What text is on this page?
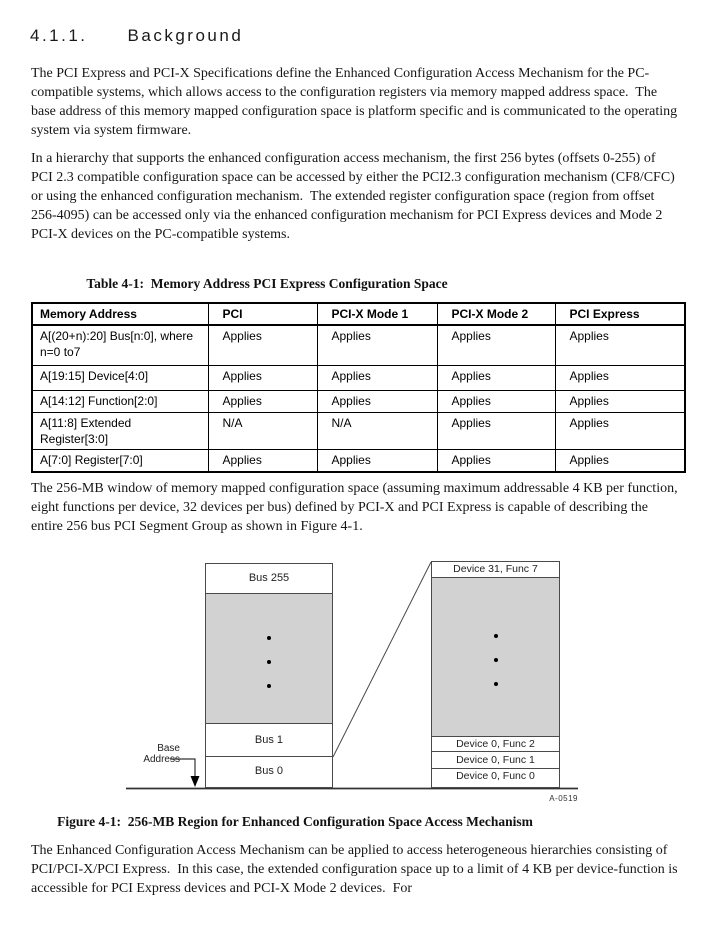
4.1.1. Background
The PCI Express and PCI-X Specifications define the Enhanced Configuration Access Mechanism for the PC-compatible systems, which allows access to the configuration registers via memory mapped address space.  The base address of this memory mapped configuration space is platform specific and is communicated to the operating system via system firmware.
In a hierarchy that supports the enhanced configuration access mechanism, the first 256 bytes (offsets 0-255) of PCI 2.3 compatible configuration space can be accessed by either the PCI2.3 configuration mechanism (CF8/CFC) or using the enhanced configuration mechanism.  The extended register configuration space (region from offset 256-4095) can be accessed only via the enhanced configuration mechanism for PCI Express devices and Mode 2 PCI-X devices on the PC-compatible systems.
Table 4-1:  Memory Address PCI Express Configuration Space
Memory Address	PCI	PCI-X Mode 1	PCI-X Mode 2	PCI Express
A[(20+n):20] Bus[n:0], where n=0 to7	Applies	Applies	Applies	Applies
A[19:15] Device[4:0]	Applies	Applies	Applies	Applies
A[14:12] Function[2:0]	Applies	Applies	Applies	Applies
A[11:8] Extended Register[3:0]	N/A	N/A	Applies	Applies
A[7:0] Register[7:0]	Applies	Applies	Applies	Applies
The 256-MB window of memory mapped configuration space (assuming maximum addressable 4 KB per function, eight functions per device, 32 devices per bus) defined by PCI-X and PCI Express is capable of describing the entire 256 bus PCI Segment Group as shown in Figure 4-1.
Bus 255
Bus 1
Bus 0
Device 31, Func 7
Device 0, Func 2
Device 0, Func 1
Device 0, Func 0
Base Address
A-0519
Figure 4-1:  256-MB Region for Enhanced Configuration Space Access Mechanism
The Enhanced Configuration Access Mechanism can be applied to access heterogeneous hierarchies consisting of PCI/PCI-X/PCI Express.  In this case, the extended configuration space up to a limit of 4 KB per device-function is accessible for PCI Express devices and PCI-X Mode 2 devices.  For
